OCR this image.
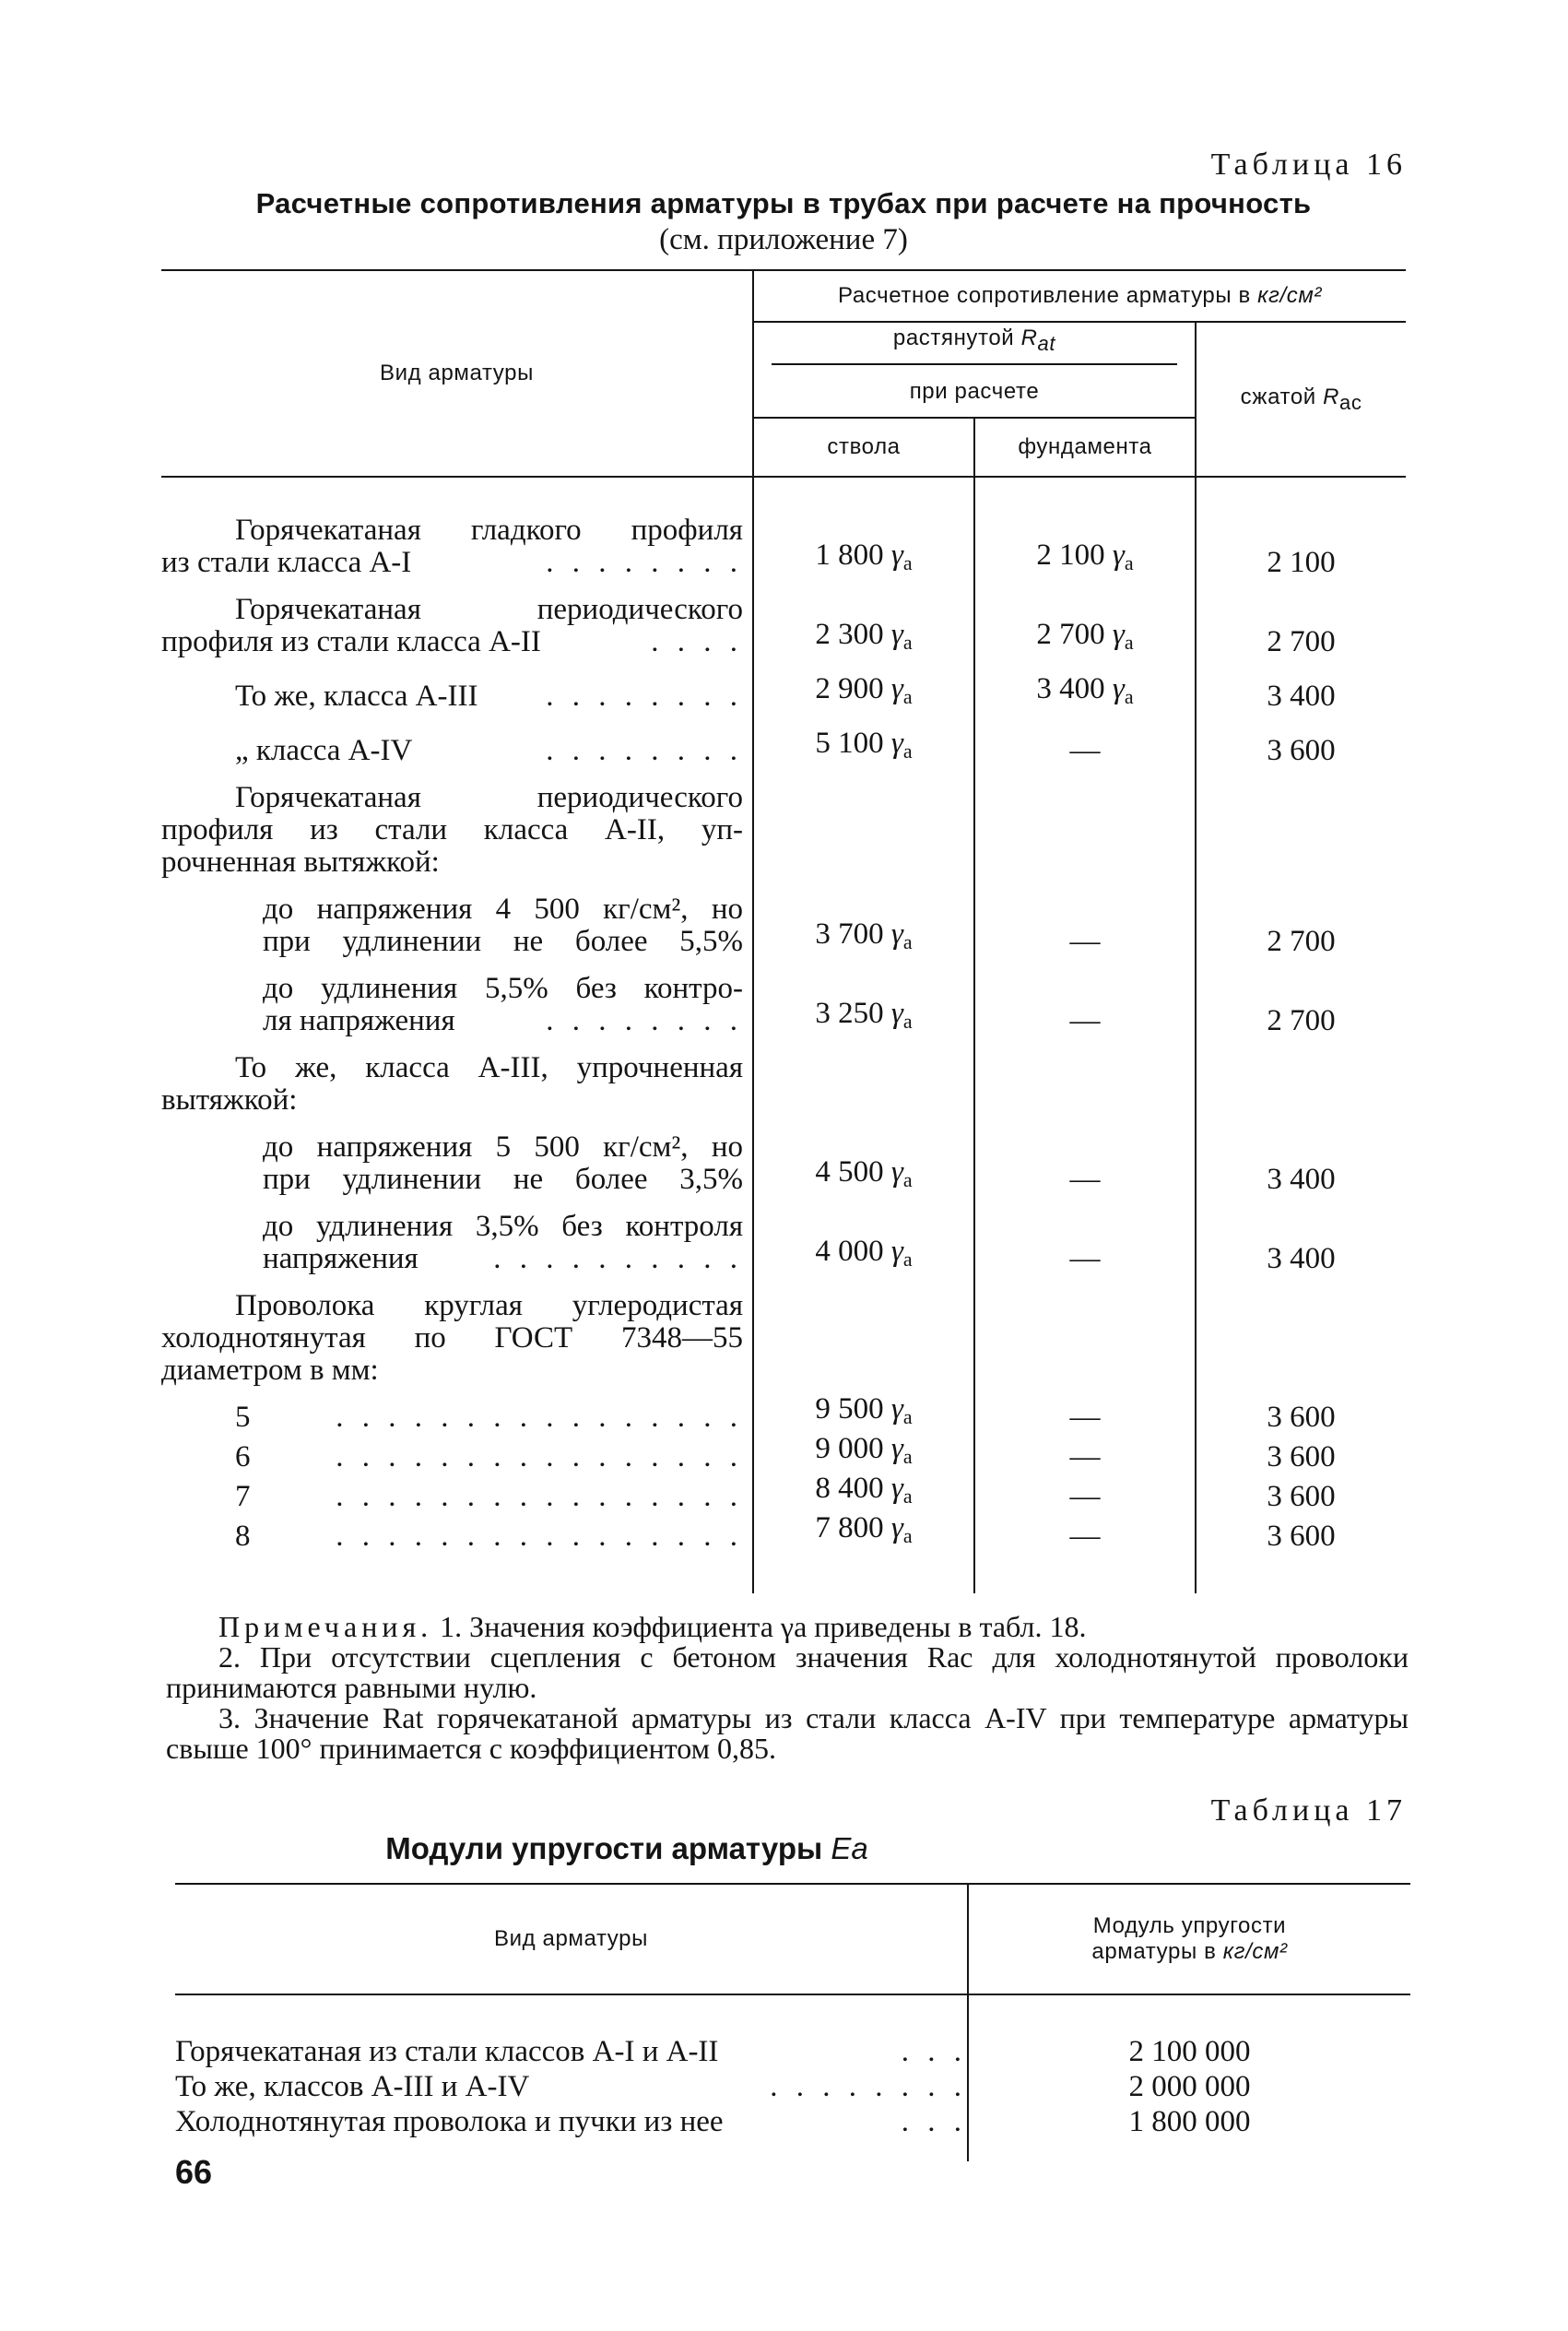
Таблица 16
Расчетные сопротивления арматуры в трубах при расчете на прочность
(см. приложение 7)
Вид арматуры	Расчетное сопротивление арматуры в кг/см²		
	растянутой Rat		сжатой Rac
	при расчете		
	ствола	фундамента	

Горячекатаная гладкого профиля
из стали класса A-I . . . . . . . .	1 800 $\gamma_а$	2 100 $\gamma_а$	2 100

Горячекатаная периодического
профиля из стали класса A-II . . . .	2 300 $\gamma_а$	2 700 $\gamma_а$	2 700

То же, класса A-III . . . . . . . .	2 900 $\gamma_а$	3 400 $\gamma_а$	3 400

„ класса A-IV . . . . . . . .	5 100 $\gamma_а$	—	3 600

Горячекатаная периодического
профиля из стали класса A-II, уп-
рочненная вытяжкой:			

до напряжения 4 500 кг/см², но
при удлинении не более 5,5%	3 700 $\gamma_а$	—	2 700

до удлинения 5,5% без контро-
ля напряжения . . . . . . . .	3 250 $\gamma_а$	—	2 700

То же, класса A-III, упрочненная
вытяжкой:			

до напряжения 5 500 кг/см², но
при удлинении не более 3,5%	4 500 $\gamma_а$	—	3 400

до удлинения 3,5% без контроля
напряжения . . . . . . . . . .	4 000 $\gamma_а$	—	3 400

Проволока круглая углеродистая
холоднотянутая по ГОСТ 7348—55
диаметром в мм:			

5 . . . . . . . . . . . . . . . .	9 500 $\gamma_а$	—	3 600

6 . . . . . . . . . . . . . . . .	9 000 $\gamma_а$	—	3 600

7 . . . . . . . . . . . . . . . .	8 400 $\gamma_а$	—	3 600

8 . . . . . . . . . . . . . . . .	7 800 $\gamma_а$	—	3 600

Примечания. 1. Значения коэффициента γа приведены в табл. 18.
2. При отсутствии сцепления с бетоном значения Rac для холоднотянутой проволоки принимаются равными нулю.
3. Значение Rat горячекатаной арматуры из стали класса A-IV при температуре арматуры свыше 100° принимается с коэффициентом 0,85.
Таблица 17
Модули упругости арматуры Eа
Вид арматуры	Модуль упругости
арматуры в кг/см²

Горячекатаная из стали классов A-I и A-II . . .	2 100 000

То же, классов A-III и A-IV . . . . . . . .	2 000 000

Холоднотянутая проволока и пучки из нее . . .	1 800 000

66
